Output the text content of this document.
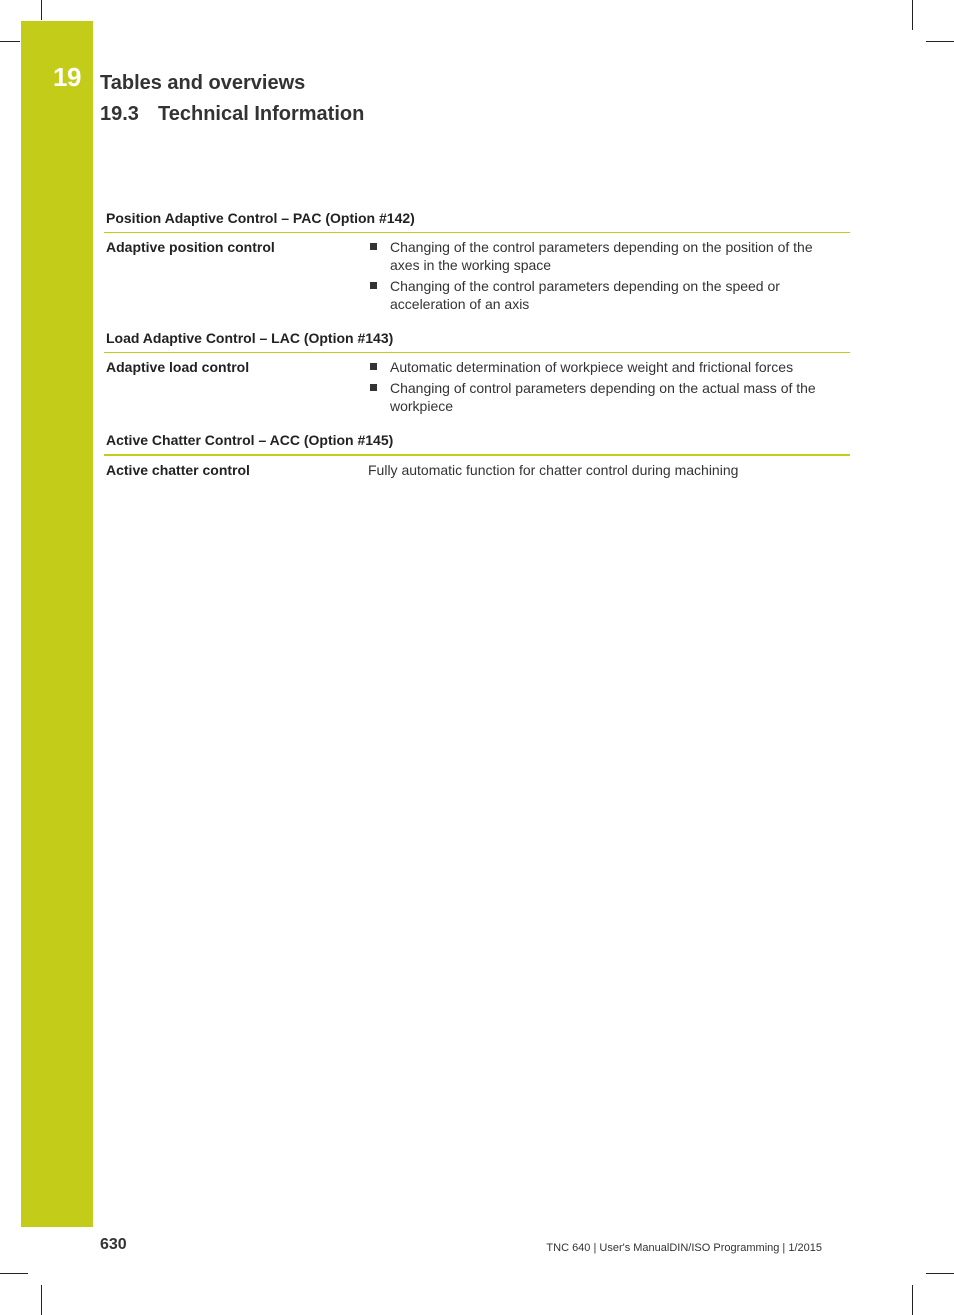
19 Tables and overviews
19.3 Technical Information
Position Adaptive Control – PAC (Option #142)
Adaptive position control	Changing of the control parameters depending on the position of the axes in the working space
Changing of the control parameters depending on the speed or acceleration of an axis
Load Adaptive Control – LAC (Option #143)
Adaptive load control	Automatic determination of workpiece weight and frictional forces
Changing of control parameters depending on the actual mass of the workpiece
Active Chatter Control – ACC (Option #145)
Active chatter control	Fully automatic function for chatter control during machining
630	TNC 640 | User's ManualDIN/ISO Programming | 1/2015
